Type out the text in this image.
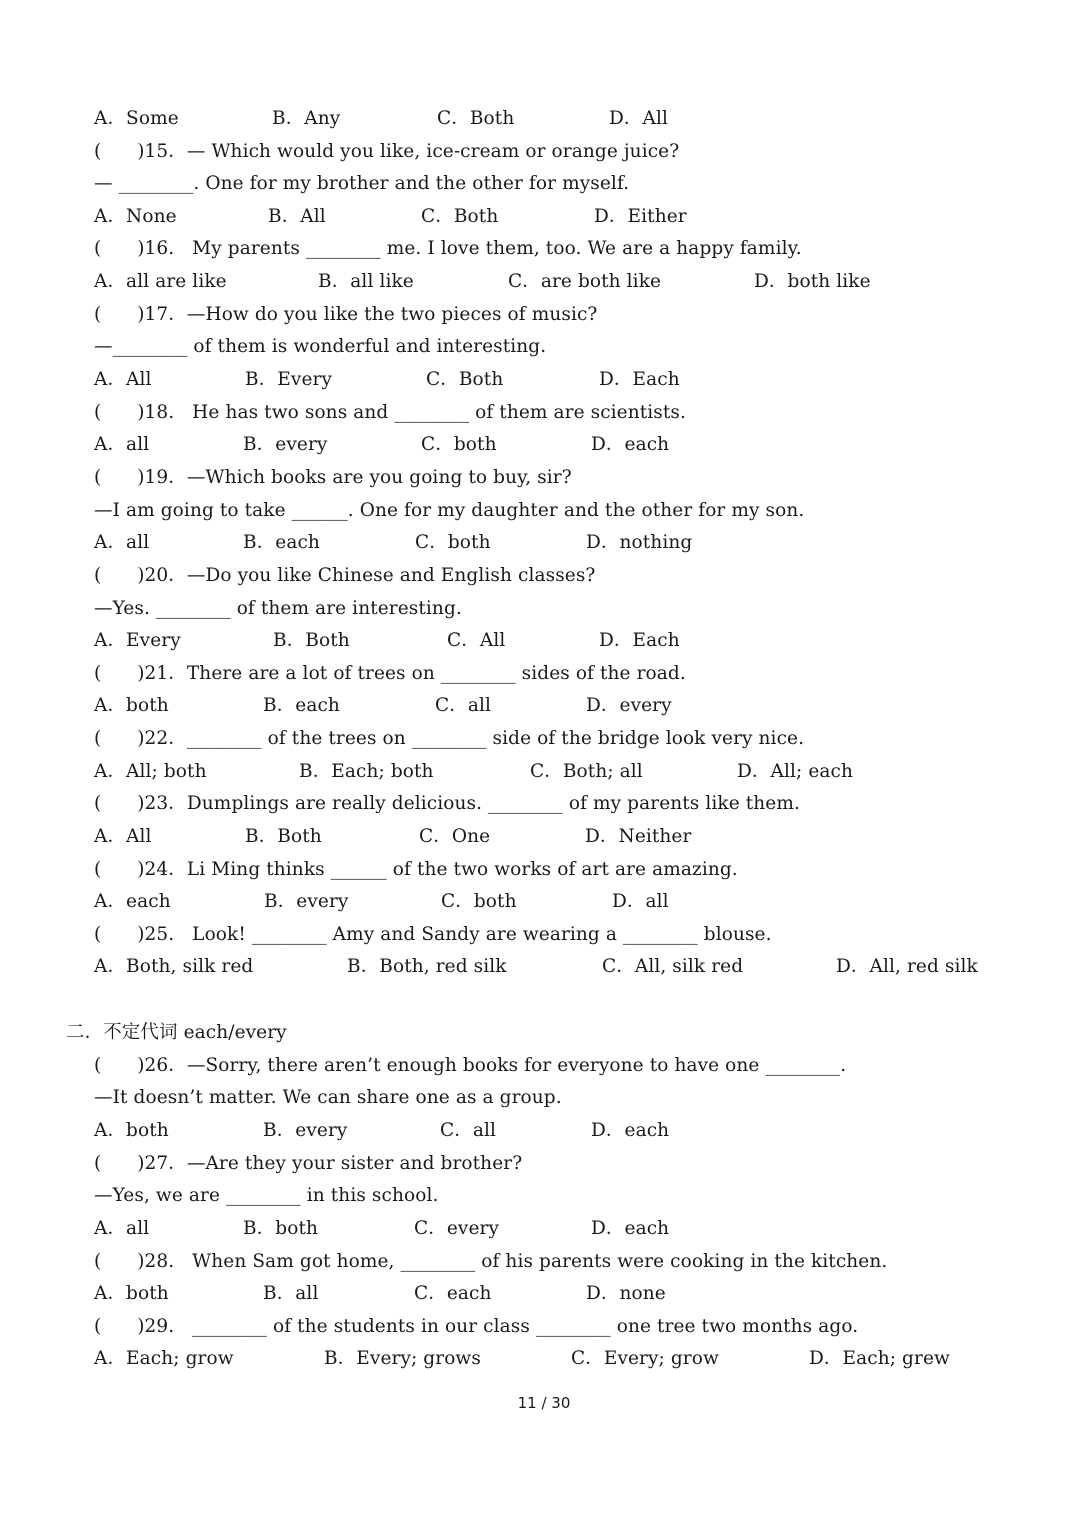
A．Some	B．Any	C．Both	D．All
(      )15．— Which would you like, ice-cream or orange juice?
— ________. One for my brother and the other for myself.
A．None	B．All	C．Both	D．Either
(      )16.   My parents ________ me. I love them, too. We are a happy family.
A．all are like	B．all like	C．are both like	D．both like
(      )17．—How do you like the two pieces of music?
—________ of them is wonderful and interesting.
A．All	B．Every	C．Both	D．Each
(      )18.   He has two sons and ________ of them are scientists.
A．all	B．every	C．both	D．each
(      )19．—Which books are you going to buy, sir?
—I am going to take ______. One for my daughter and the other for my son.
A．all	B．each	C．both	D．nothing
(      )20．—Do you like Chinese and English classes?
—Yes. ________ of them are interesting.
A．Every	B．Both	C．All	D．Each
(      )21．There are a lot of trees on ________ sides of the road.
A．both	B．each	C．all	D．every
(      )22．________ of the trees on ________ side of the bridge look very nice.
A．All; both	B．Each; both	C．Both; all	D．All; each
(      )23．Dumplings are really delicious. ________ of my parents like them.
A．All	B．Both	C．One	D．Neither
(      )24．Li Ming thinks ______ of the two works of art are amazing.
A．each	B．every	C．both	D．all
(      )25.   Look! ________ Amy and Sandy are wearing a ________ blouse.
A．Both, silk red	B．Both, red silk	C．All, silk red	D．All, red silk
二．不定代词 each/every
(      )26．—Sorry, there aren’t enough books for everyone to have one ________.
—It doesn’t matter. We can share one as a group.
A．both	B．every	C．all	D．each
(      )27．—Are they your sister and brother?
—Yes, we are ________ in this school.
A．all	B．both	C．every	D．each
(      )28.   When Sam got home, ________ of his parents were cooking in the kitchen.
A．both	B．all	C．each	D．none
(      )29.   ________ of the students in our class ________ one tree two months ago.
A．Each; grow	B．Every; grows	C．Every; grow	D．Each; grew
11 / 30
